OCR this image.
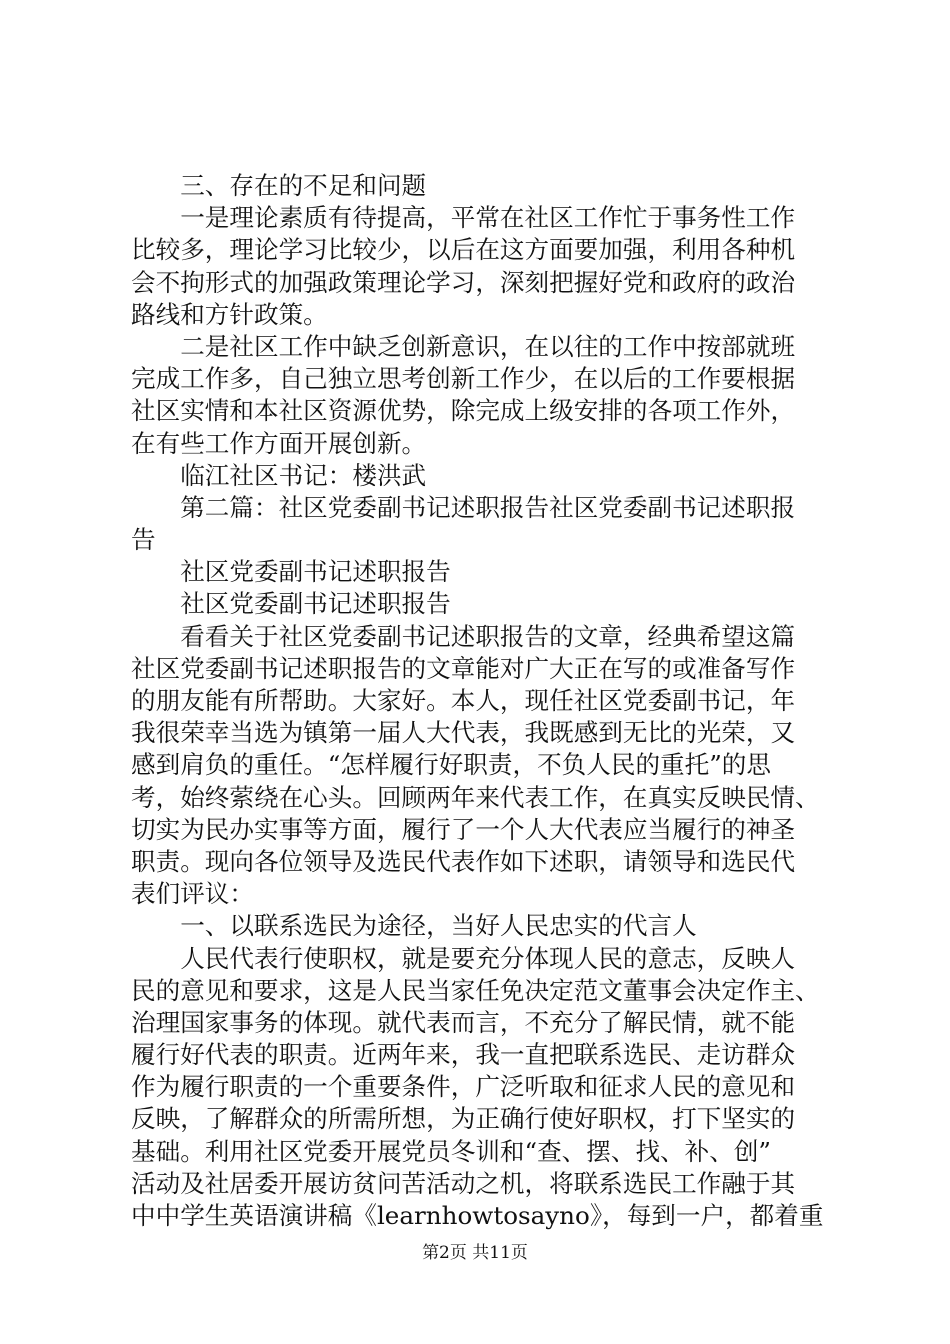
　　三、存在的不足和问题
　　一是理论素质有待提高，平常在社区工作忙于事务性工作
比较多，理论学习比较少，以后在这方面要加强，利用各种机
会不拘形式的加强政策理论学习，深刻把握好党和政府的政治
路线和方针政策。
　　二是社区工作中缺乏创新意识，在以往的工作中按部就班
完成工作多，自己独立思考创新工作少，在以后的工作要根据
社区实情和本社区资源优势，除完成上级安排的各项工作外，
在有些工作方面开展创新。
　　临江社区书记：楼洪武
　　第二篇：社区党委副书记述职报告社区党委副书记述职报
告
　　社区党委副书记述职报告
　　社区党委副书记述职报告
　　看看关于社区党委副书记述职报告的文章，经典希望这篇
社区党委副书记述职报告的文章能对广大正在写的或准备写作
的朋友能有所帮助。大家好。本人，现任社区党委副书记，年
我很荣幸当选为镇第一届人大代表，我既感到无比的光荣，又
感到肩负的重任。“怎样履行好职责，不负人民的重托”的思
考，始终萦绕在心头。回顾两年来代表工作，在真实反映民情、
切实为民办实事等方面，履行了一个人大代表应当履行的神圣
职责。现向各位领导及选民代表作如下述职，请领导和选民代
表们评议：
　　一、以联系选民为途径，当好人民忠实的代言人
　　人民代表行使职权，就是要充分体现人民的意志，反映人
民的意见和要求，这是人民当家任免决定范文董事会决定作主、
治理国家事务的体现。就代表而言，不充分了解民情，就不能
履行好代表的职责。近两年来，我一直把联系选民、走访群众
作为履行职责的一个重要条件，广泛听取和征求人民的意见和
反映，了解群众的所需所想，为正确行使好职权，打下坚实的
基础。利用社区党委开展党员冬训和“查、摆、找、补、创”
活动及社居委开展访贫问苦活动之机，将联系选民工作融于其
中中学生英语演讲稿《learnhowtosayno》，每到一户，都着重
第2页 共11页
